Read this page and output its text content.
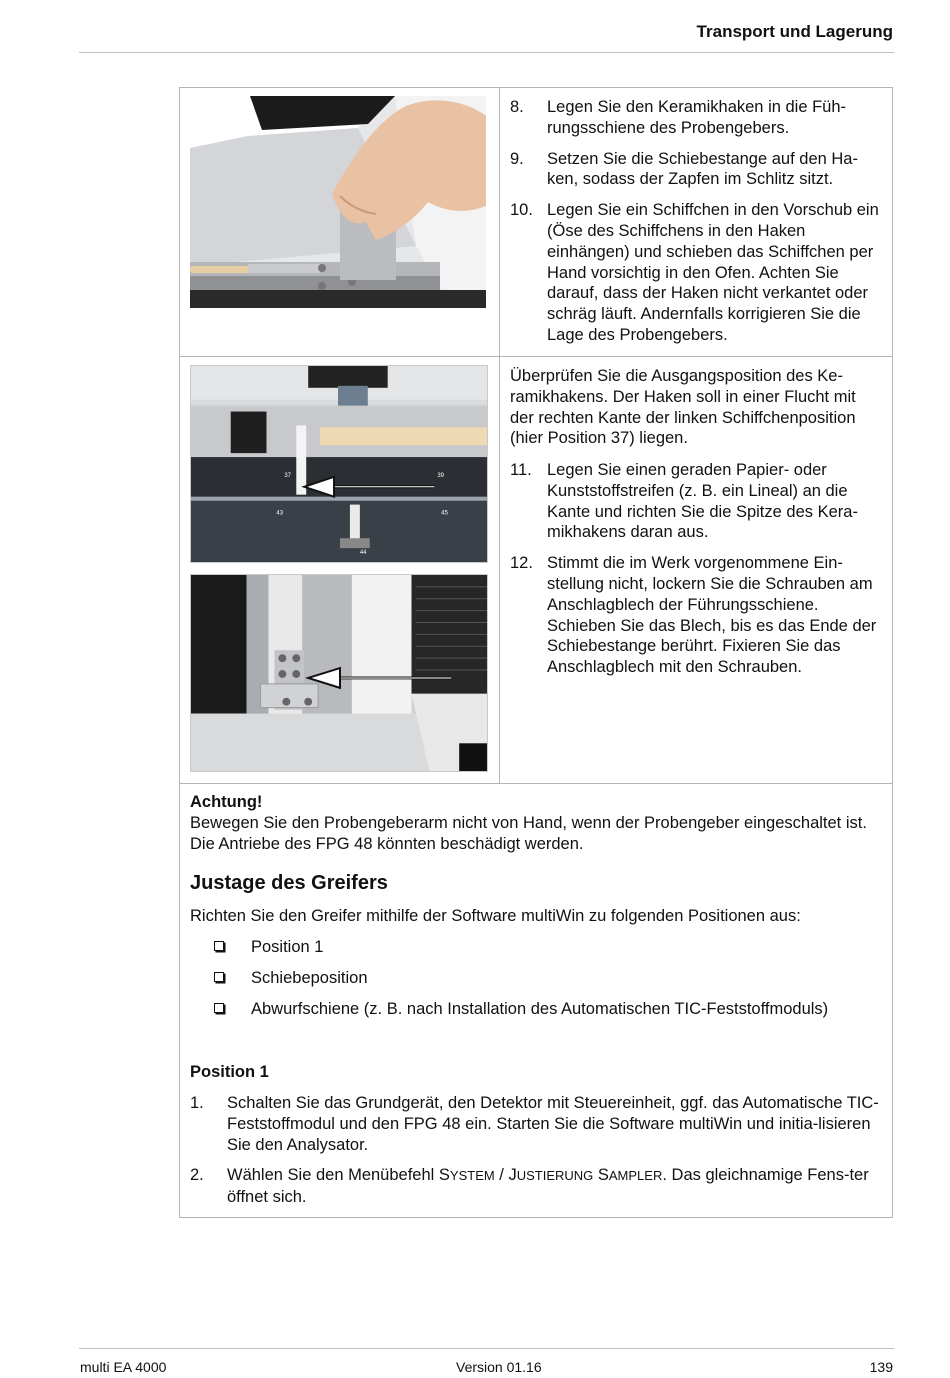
Transport und Lagerung
8. Legen Sie den Keramikhaken in die Füh-rungsschiene des Probengebers.
9. Setzen Sie die Schiebestange auf den Ha-ken, sodass der Zapfen im Schlitz sitzt.
10. Legen Sie ein Schiffchen in den Vorschub ein (Öse des Schiffchens in den Haken einhängen) und schieben das Schiffchen per Hand vorsichtig in den Ofen. Achten Sie darauf, dass der Haken nicht verkantet oder schräg läuft. Andernfalls korrigieren Sie die Lage des Probengebers.
37	39
43	45
44

Überprüfen Sie die Ausgangsposition des Ke-ramikhakens. Der Haken soll in einer Flucht mit der rechten Kante der linken Schiffchenposition (hier Position 37) liegen.

11. Legen Sie einen geraden Papier- oder Kunststoffstreifen (z. B. ein Lineal) an die Kante und richten Sie die Spitze des Kera-mikhakens daran aus.
12. Stimmt die im Werk vorgenommene Ein-stellung nicht, lockern Sie die Schrauben am Anschlagblech der Führungsschiene. Schieben Sie das Blech, bis es das Ende der Schiebestange berührt. Fixieren Sie das Anschlagblech mit den Schrauben.
Achtung!

Bewegen Sie den Probengeberarm nicht von Hand, wenn der Probengeber eingeschaltet ist. Die Antriebe des FPG 48 könnten beschädigt werden.

Justage des Greifers

Richten Sie den Greifer mithilfe der Software multiWin zu folgenden Positionen aus:

Position 1
Schiebeposition
Abwurfschiene (z. B. nach Installation des Automatischen TIC-Feststoffmoduls)
Position 1
1. Schalten Sie das Grundgerät, den Detektor mit Steuereinheit, ggf. das Automatische TIC-Feststoffmodul und den FPG 48 ein. Starten Sie die Software multiWin und initia-lisieren Sie den Analysator.
2. Wählen Sie den Menübefehl SYSTEM / JUSTIERUNG SAMPLER. Das gleichnamige Fens-ter öffnet sich.
multi EA 4000	Version 01.16	139
